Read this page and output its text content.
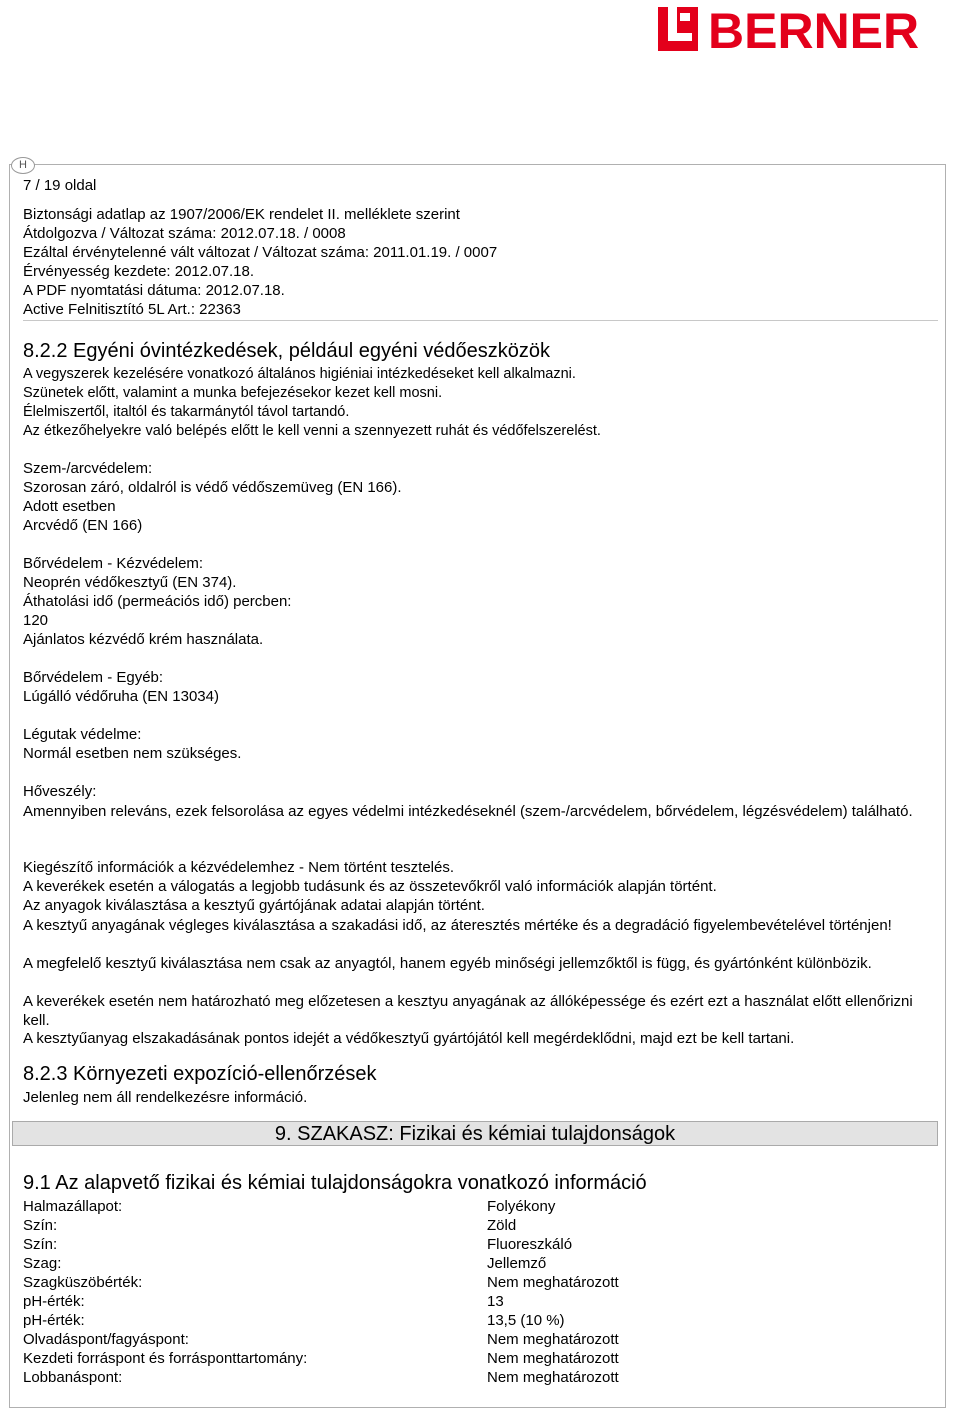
BERNER
H
7 / 19 oldal
Biztonsági adatlap az 1907/2006/EK rendelet II. melléklete szerint
Átdolgozva / Változat száma: 2012.07.18. / 0008
Ezáltal érvénytelenné vált változat / Változat száma: 2011.01.19. / 0007
Érvényesség kezdete: 2012.07.18.
A PDF nyomtatási dátuma: 2012.07.18.
Active Felnitisztító 5L Art.: 22363
8.2.2 Egyéni óvintézkedések, például egyéni védőeszközök
A vegyszerek kezelésére vonatkozó általános higiéniai intézkedéseket kell alkalmazni.
Szünetek előtt, valamint a munka befejezésekor kezet kell mosni.
Élelmiszertől, italtól és takarmánytól távol tartandó.
Az étkezőhelyekre való belépés előtt le kell venni a szennyezett ruhát és védőfelszerelést.
Szem-/arcvédelem:
Szorosan záró, oldalról is védő védőszemüveg (EN 166).
Adott esetben
Arcvédő (EN 166)
Bőrvédelem - Kézvédelem:
Neoprén védőkesztyű (EN 374).
Áthatolási idő (permeációs idő) percben:
120
Ajánlatos kézvédő krém használata.
Bőrvédelem - Egyéb:
Lúgálló védőruha (EN 13034)
Légutak védelme:
Normál esetben nem szükséges.
Hőveszély:
Amennyiben releváns, ezek felsorolása az egyes védelmi intézkedéseknél (szem-/arcvédelem, bőrvédelem, légzésvédelem) található.
Kiegészítő információk a kézvédelemhez - Nem történt tesztelés.
A keverékek esetén a válogatás a legjobb tudásunk és az összetevőkről való információk alapján történt.
Az anyagok kiválasztása a kesztyű gyártójának adatai alapján történt.
A kesztyű anyagának végleges kiválasztása a szakadási idő, az áteresztés mértéke és a degradáció figyelembevételével történjen!
A megfelelő kesztyű kiválasztása nem csak az anyagtól, hanem egyéb minőségi jellemzőktől is függ, és gyártónként különbözik.
A keverékek esetén nem határozható meg előzetesen a kesztyu anyagának az állóképessége és ezért ezt a használat előtt ellenőrizni kell.
A kesztyűanyag elszakadásának pontos idejét a védőkesztyű gyártójától kell megérdeklődni, majd ezt be kell tartani.
8.2.3 Környezeti expozíció-ellenőrzések
Jelenleg nem áll rendelkezésre információ.
9. SZAKASZ: Fizikai és kémiai tulajdonságok
9.1 Az alapvető fizikai és kémiai tulajdonságokra vonatkozó információ
Halmazállapot:	Folyékony
Szín:	Zöld
Szín:	Fluoreszkáló
Szag:	Jellemző
Szagküszöbérték:	Nem meghatározott
pH-érték:	13
pH-érték:	13,5 (10 %)
Olvadáspont/fagyáspont:	Nem meghatározott
Kezdeti forráspont és forrásponttartomány:	Nem meghatározott
Lobbanáspont:	Nem meghatározott
